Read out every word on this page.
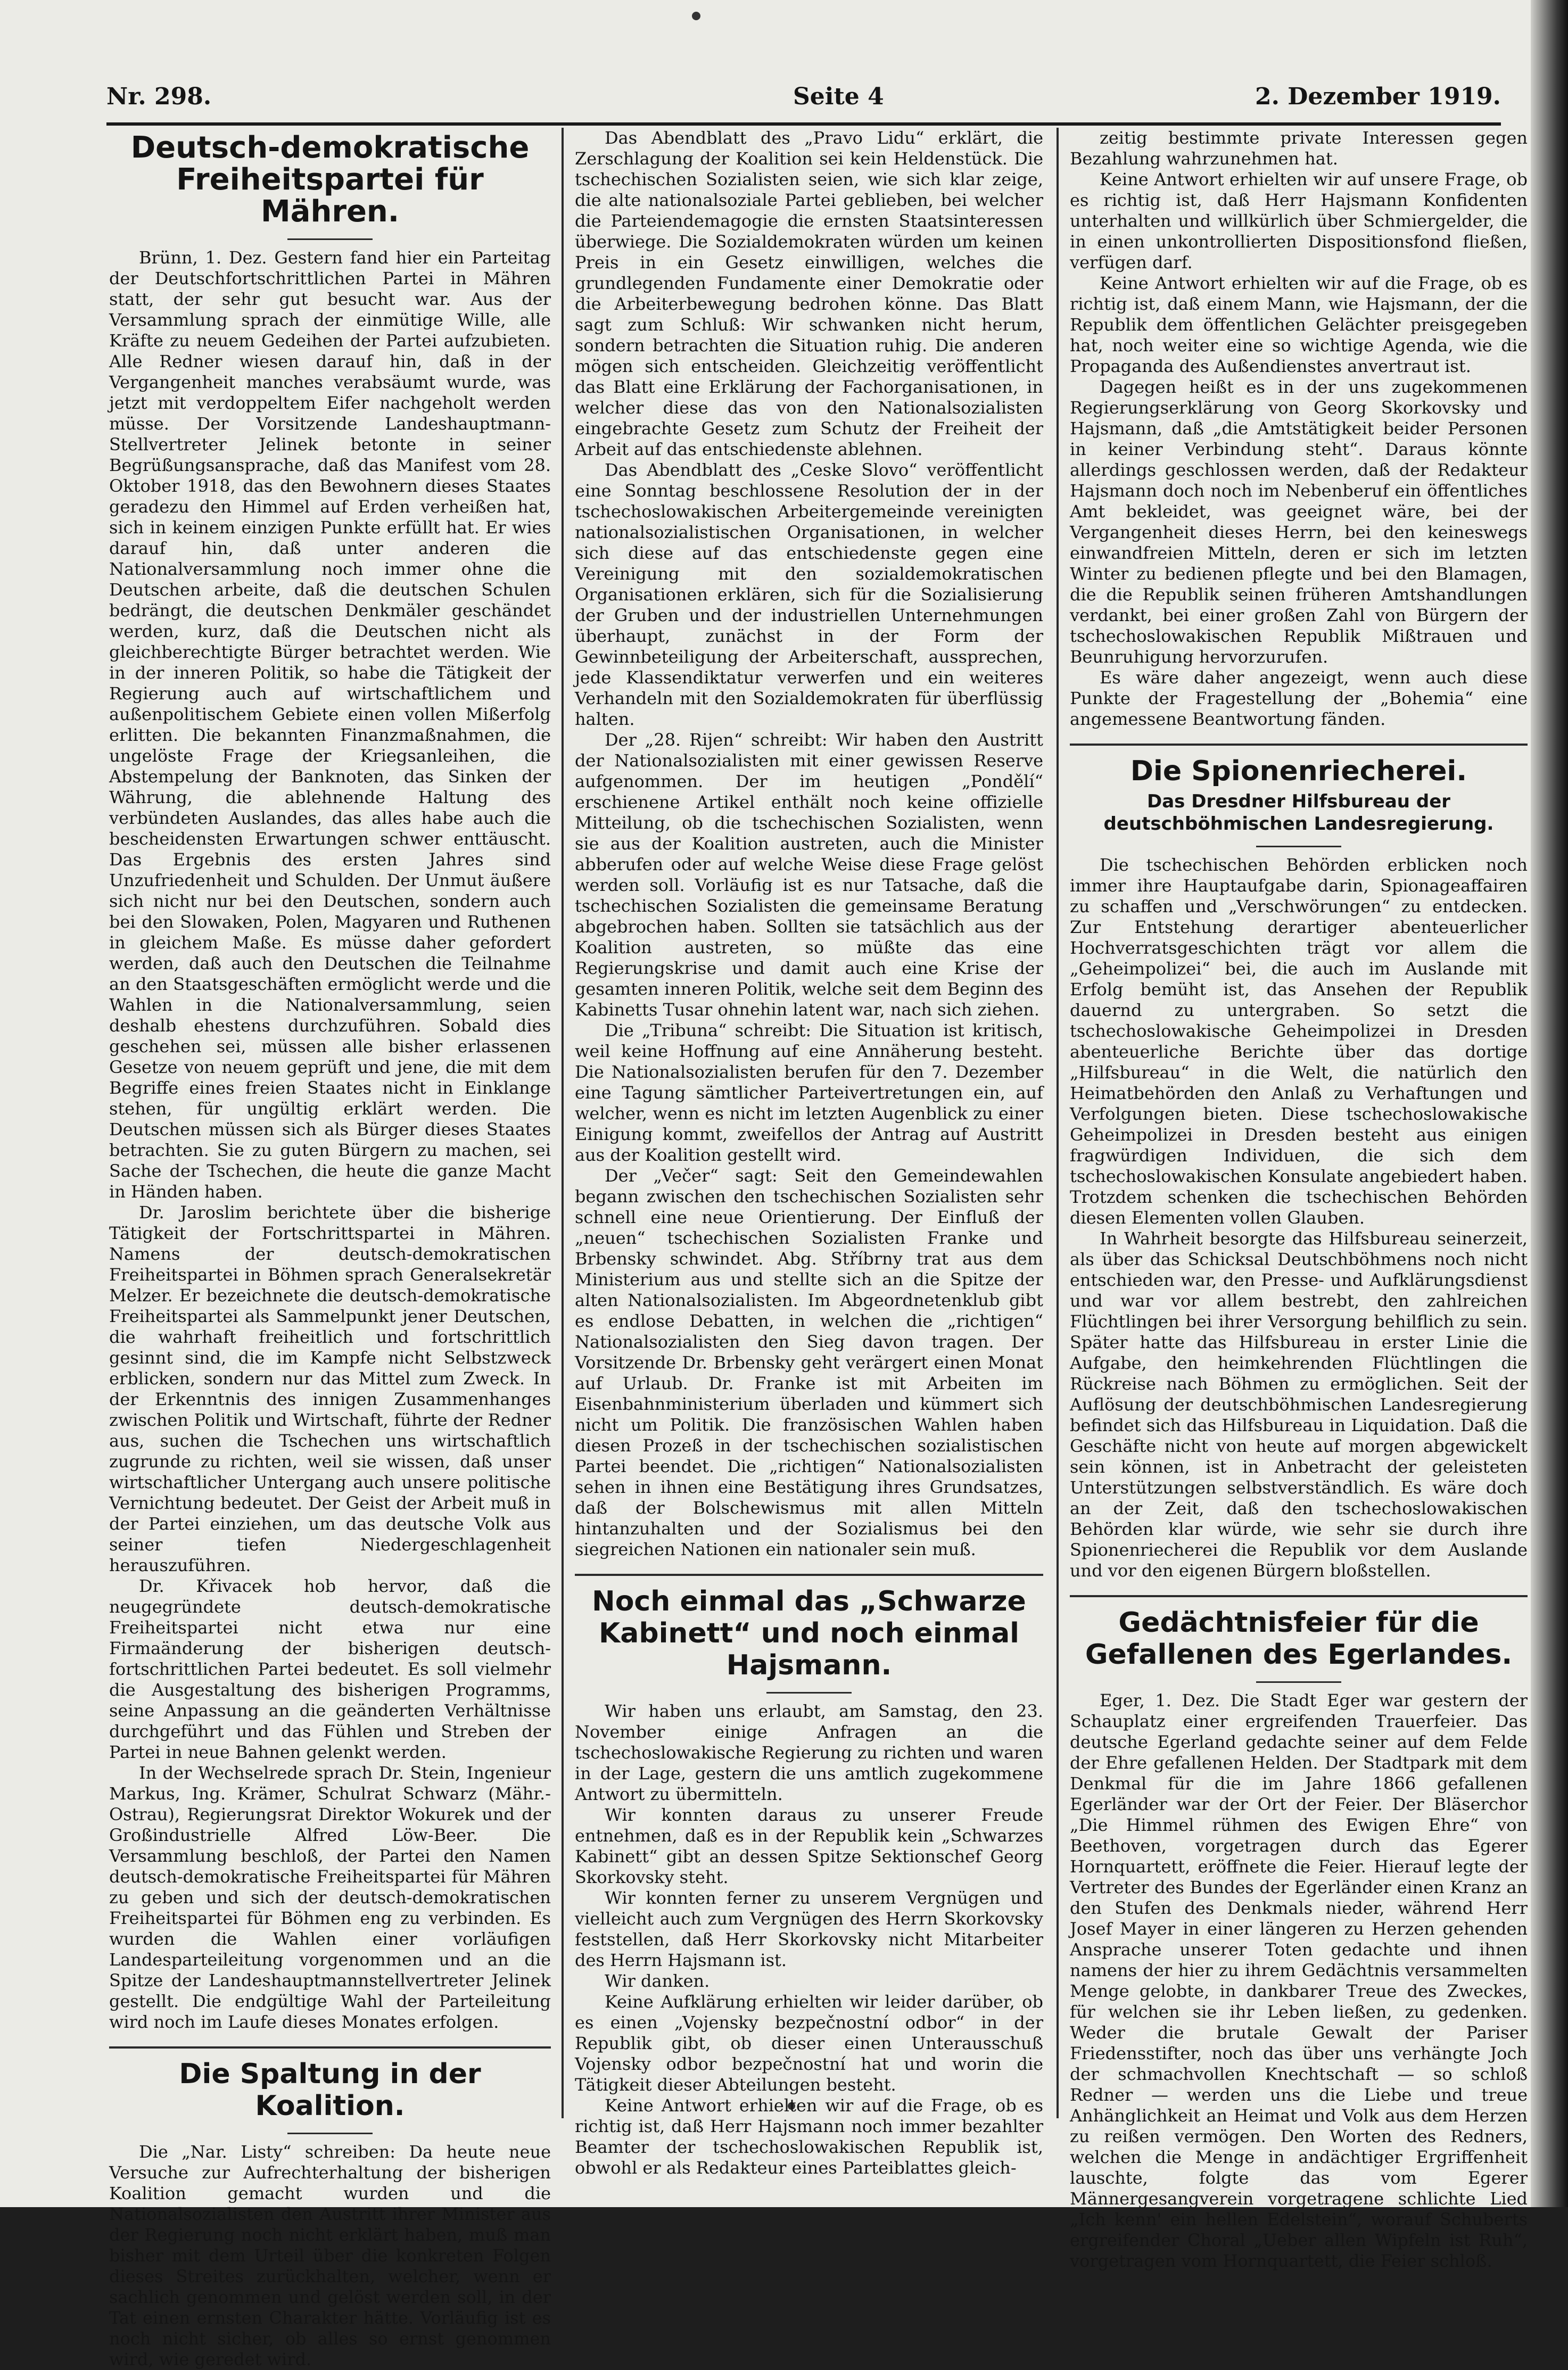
Nr. 298.	Seite 4	2. Dezember 1919.
Deutsch-demokratische Freiheitspartei für Mähren.

Brünn, 1. Dez. Gestern fand hier ein Parteitag der Deutschfortschrittlichen Partei in Mähren statt, der sehr gut besucht war. Aus der Versammlung sprach der einmütige Wille, alle Kräfte zu neuem Gedeihen der Partei aufzubieten. Alle Redner wiesen darauf hin, daß in der Vergangenheit manches verabsäumt wurde, was jetzt mit verdoppeltem Eifer nachgeholt werden müsse. Der Vorsitzende Landeshauptmann-Stellvertreter Jelinek betonte in seiner Begrüßungsansprache, daß das Manifest vom 28. Oktober 1918, das den Bewohnern dieses Staates geradezu den Himmel auf Erden verheißen hat, sich in keinem einzigen Punkte erfüllt hat. Er wies darauf hin, daß unter anderen die Nationalversammlung noch immer ohne die Deutschen arbeite, daß die deutschen Schulen bedrängt, die deutschen Denkmäler geschändet werden, kurz, daß die Deutschen nicht als gleichberechtigte Bürger betrachtet werden. Wie in der inneren Politik, so habe die Tätigkeit der Regierung auch auf wirtschaftlichem und außenpolitischem Gebiete einen vollen Mißerfolg erlitten. Die bekannten Finanzmaßnahmen, die ungelöste Frage der Kriegsanleihen, die Abstempelung der Banknoten, das Sinken der Währung, die ablehnende Haltung des verbündeten Auslandes, das alles habe auch die bescheidensten Erwartungen schwer enttäuscht. Das Ergebnis des ersten Jahres sind Unzufriedenheit und Schulden. Der Unmut äußere sich nicht nur bei den Deutschen, sondern auch bei den Slowaken, Polen, Magyaren und Ruthenen in gleichem Maße. Es müsse daher gefordert werden, daß auch den Deutschen die Teilnahme an den Staatsgeschäften ermöglicht werde und die Wahlen in die Nationalversammlung, seien deshalb ehestens durchzuführen. Sobald dies geschehen sei, müssen alle bisher erlassenen Gesetze von neuem geprüft und jene, die mit dem Begriffe eines freien Staates nicht in Einklange stehen, für ungültig erklärt werden. Die Deutschen müssen sich als Bürger dieses Staates betrachten. Sie zu guten Bürgern zu machen, sei Sache der Tschechen, die heute die ganze Macht in Händen haben.

Dr. Jaroslim berichtete über die bisherige Tätigkeit der Fortschrittspartei in Mähren. Namens der deutsch-demokratischen Freiheitspartei in Böhmen sprach Generalsekretär Melzer. Er bezeichnete die deutsch-demokratische Freiheitspartei als Sammelpunkt jener Deutschen, die wahrhaft freiheitlich und fortschrittlich gesinnt sind, die im Kampfe nicht Selbstzweck erblicken, sondern nur das Mittel zum Zweck. In der Erkenntnis des innigen Zusammenhanges zwischen Politik und Wirtschaft, führte der Redner aus, suchen die Tschechen uns wirtschaftlich zugrunde zu richten, weil sie wissen, daß unser wirtschaftlicher Untergang auch unsere politische Vernichtung bedeutet. Der Geist der Arbeit muß in der Partei einziehen, um das deutsche Volk aus seiner tiefen Niedergeschlagenheit herauszuführen.

Dr. Křivacek hob hervor, daß die neugegründete deutsch-demokratische Freiheitspartei nicht etwa nur eine Firmaänderung der bisherigen deutsch-fortschrittlichen Partei bedeutet. Es soll vielmehr die Ausgestaltung des bisherigen Programms, seine Anpassung an die geänderten Verhältnisse durchgeführt und das Fühlen und Streben der Partei in neue Bahnen gelenkt werden.

In der Wechselrede sprach Dr. Stein, Ingenieur Markus, Ing. Krämer, Schulrat Schwarz (Mähr.-Ostrau), Regierungsrat Direktor Wokurek und der Großindustrielle Alfred Löw-Beer. Die Versammlung beschloß, der Partei den Namen deutsch-demokratische Freiheitspartei für Mähren zu geben und sich der deutsch-demokratischen Freiheitspartei für Böhmen eng zu verbinden. Es wurden die Wahlen einer vorläufigen Landesparteileitung vorgenommen und an die Spitze der Landeshauptmannstellvertreter Jelinek gestellt. Die endgültige Wahl der Parteileitung wird noch im Laufe dieses Monates erfolgen.

Die Spaltung in der Koalition.

Die „Nar. Listy“ schreiben: Da heute neue Versuche zur Aufrechterhaltung der bisherigen Koalition gemacht wurden und die Nationalsozialisten den Austritt ihrer Minister aus der Regierung noch nicht erklärt haben, muß man bisher mit dem Urteil über die konkreten Folgen dieses Streites zurückhalten, welcher, wenn er sachlich genommen und gelöst werden soll, in der Tat einen ernsten Charakter hätte. Vorläufig ist es noch nicht sicher, ob alles so ernst genommen wird, wie geredet wird.

Das Abendblatt des „Pravo Lidu“ erklärt, die Zerschlagung der Koalition sei kein Heldenstück. Die tschechischen Sozialisten seien, wie sich klar zeige, die alte nationalsoziale Partei geblieben, bei welcher die Parteiendemagogie die ernsten Staatsinteressen überwiege. Die Sozialdemokraten würden um keinen Preis in ein Gesetz einwilligen, welches die grundlegenden Fundamente einer Demokratie oder die Arbeiterbewegung bedrohen könne. Das Blatt sagt zum Schluß: Wir schwanken nicht herum, sondern betrachten die Situation ruhig. Die anderen mögen sich entscheiden. Gleichzeitig veröffentlicht das Blatt eine Erklärung der Fachorganisationen, in welcher diese das von den Nationalsozialisten eingebrachte Gesetz zum Schutz der Freiheit der Arbeit auf das entschiedenste ablehnen.

Das Abendblatt des „Ceske Slovo“ veröffentlicht eine Sonntag beschlossene Resolution der in der tschechoslowakischen Arbeitergemeinde vereinigten nationalsozialistischen Organisationen, in welcher sich diese auf das entschiedenste gegen eine Vereinigung mit den sozialdemokratischen Organisationen erklären, sich für die Sozialisierung der Gruben und der industriellen Unternehmungen überhaupt, zunächst in der Form der Gewinnbeteiligung der Arbeiterschaft, aussprechen, jede Klassendiktatur verwerfen und ein weiteres Verhandeln mit den Sozialdemokraten für überflüssig halten.

Der „28. Rijen“ schreibt: Wir haben den Austritt der Nationalsozialisten mit einer gewissen Reserve aufgenommen. Der im heutigen „Pondělí“ erschienene Artikel enthält noch keine offizielle Mitteilung, ob die tschechischen Sozialisten, wenn sie aus der Koalition austreten, auch die Minister abberufen oder auf welche Weise diese Frage gelöst werden soll. Vorläufig ist es nur Tatsache, daß die tschechischen Sozialisten die gemeinsame Beratung abgebrochen haben. Sollten sie tatsächlich aus der Koalition austreten, so müßte das eine Regierungskrise und damit auch eine Krise der gesamten inneren Politik, welche seit dem Beginn des Kabinetts Tusar ohnehin latent war, nach sich ziehen.

Die „Tribuna“ schreibt: Die Situation ist kritisch, weil keine Hoffnung auf eine Annäherung besteht. Die Nationalsozialisten berufen für den 7. Dezember eine Tagung sämtlicher Parteivertretungen ein, auf welcher, wenn es nicht im letzten Augenblick zu einer Einigung kommt, zweifellos der Antrag auf Austritt aus der Koalition gestellt wird.

Der „Večer“ sagt: Seit den Gemeindewahlen begann zwischen den tschechischen Sozialisten sehr schnell eine neue Orientierung. Der Einfluß der „neuen“ tschechischen Sozialisten Franke und Brbensky schwindet. Abg. Stříbrny trat aus dem Ministerium aus und stellte sich an die Spitze der alten Nationalsozialisten. Im Abgeordnetenklub gibt es endlose Debatten, in welchen die „richtigen“ Nationalsozialisten den Sieg davon tragen. Der Vorsitzende Dr. Brbensky geht verärgert einen Monat auf Urlaub. Dr. Franke ist mit Arbeiten im Eisenbahnministerium überladen und kümmert sich nicht um Politik. Die französischen Wahlen haben diesen Prozeß in der tschechischen sozialistischen Partei beendet. Die „richtigen“ Nationalsozialisten sehen in ihnen eine Bestätigung ihres Grundsatzes, daß der Bolschewismus mit allen Mitteln hintanzuhalten und der Sozialismus bei den siegreichen Nationen ein nationaler sein muß.

Noch einmal das „Schwarze Kabinett“ und noch einmal Hajsmann.

Wir haben uns erlaubt, am Samstag, den 23. November einige Anfragen an die tschechoslowakische Regierung zu richten und waren in der Lage, gestern die uns amtlich zugekommene Antwort zu übermitteln.

Wir konnten daraus zu unserer Freude entnehmen, daß es in der Republik kein „Schwarzes Kabinett“ gibt an dessen Spitze Sektionschef Georg Skorkovsky steht.

Wir konnten ferner zu unserem Vergnügen und vielleicht auch zum Vergnügen des Herrn Skorkovsky feststellen, daß Herr Skorkovsky nicht Mitarbeiter des Herrn Hajsmann ist.

Wir danken.

Keine Aufklärung erhielten wir leider darüber, ob es einen „Vojensky bezpečnostní odbor“ in der Republik gibt, ob dieser einen Unterausschuß Vojensky odbor bezpečnostní hat und worin die Tätigkeit dieser Abteilungen besteht.

Keine Antwort erhielten wir auf die Frage, ob es richtig ist, daß Herr Hajsmann noch immer bezahlter Beamter der tschechoslowakischen Republik ist, obwohl er als Redakteur eines Parteiblattes gleich-

zeitig bestimmte private Interessen gegen Bezahlung wahrzunehmen hat.

Keine Antwort erhielten wir auf unsere Frage, ob es richtig ist, daß Herr Hajsmann Konfidenten unterhalten und willkürlich über Schmiergelder, die in einen unkontrollierten Dispositionsfond fließen, verfügen darf.

Keine Antwort erhielten wir auf die Frage, ob es richtig ist, daß einem Mann, wie Hajsmann, der die Republik dem öffentlichen Gelächter preisgegeben hat, noch weiter eine so wichtige Agenda, wie die Propaganda des Außendienstes anvertraut ist.

Dagegen heißt es in der uns zugekommenen Regierungserklärung von Georg Skorkovsky und Hajsmann, daß „die Amtstätigkeit beider Personen in keiner Verbindung steht“. Daraus könnte allerdings geschlossen werden, daß der Redakteur Hajsmann doch noch im Nebenberuf ein öffentliches Amt bekleidet, was geeignet wäre, bei der Vergangenheit dieses Herrn, bei den keineswegs einwandfreien Mitteln, deren er sich im letzten Winter zu bedienen pflegte und bei den Blamagen, die die Republik seinen früheren Amtshandlungen verdankt, bei einer großen Zahl von Bürgern der tschechoslowakischen Republik Mißtrauen und Beunruhigung hervorzurufen.

Es wäre daher angezeigt, wenn auch diese Punkte der Fragestellung der „Bohemia“ eine angemessene Beantwortung fänden.

Die Spionenriecherei.
Das Dresdner Hilfsbureau der deutschböhmischen Landesregierung.

Die tschechischen Behörden erblicken noch immer ihre Hauptaufgabe darin, Spionageaffairen zu schaffen und „Verschwörungen“ zu entdecken. Zur Entstehung derartiger abenteuerlicher Hochverratsgeschichten trägt vor allem die „Geheimpolizei“ bei, die auch im Auslande mit Erfolg bemüht ist, das Ansehen der Republik dauernd zu untergraben. So setzt die tschechoslowakische Geheimpolizei in Dresden abenteuerliche Berichte über das dortige „Hilfsbureau“ in die Welt, die natürlich den Heimatbehörden den Anlaß zu Verhaftungen und Verfolgungen bieten. Diese tschechoslowakische Geheimpolizei in Dresden besteht aus einigen fragwürdigen Individuen, die sich dem tschechoslowakischen Konsulate angebiedert haben. Trotzdem schenken die tschechischen Behörden diesen Elementen vollen Glauben.

In Wahrheit besorgte das Hilfsbureau seinerzeit, als über das Schicksal Deutschböhmens noch nicht entschieden war, den Presse- und Aufklärungsdienst und war vor allem bestrebt, den zahlreichen Flüchtlingen bei ihrer Versorgung behilflich zu sein. Später hatte das Hilfsbureau in erster Linie die Aufgabe, den heimkehrenden Flüchtlingen die Rückreise nach Böhmen zu ermöglichen. Seit der Auflösung der deutschböhmischen Landesregierung befindet sich das Hilfsbureau in Liquidation. Daß die Geschäfte nicht von heute auf morgen abgewickelt sein können, ist in Anbetracht der geleisteten Unterstützungen selbstverständlich. Es wäre doch an der Zeit, daß den tschechoslowakischen Behörden klar würde, wie sehr sie durch ihre Spionenriecherei die Republik vor dem Auslande und vor den eigenen Bürgern bloßstellen.

Gedächtnisfeier für die Gefallenen des Egerlandes.

Eger, 1. Dez. Die Stadt Eger war gestern der Schauplatz einer ergreifenden Trauerfeier. Das deutsche Egerland gedachte seiner auf dem Felde der Ehre gefallenen Helden. Der Stadtpark mit dem Denkmal für die im Jahre 1866 gefallenen Egerländer war der Ort der Feier. Der Bläserchor „Die Himmel rühmen des Ewigen Ehre“ von Beethoven, vorgetragen durch das Egerer Hornquartett, eröffnete die Feier. Hierauf legte der Vertreter des Bundes der Egerländer einen Kranz an den Stufen des Denkmals nieder, während Herr Josef Mayer in einer längeren zu Herzen gehenden Ansprache unserer Toten gedachte und ihnen namens der hier zu ihrem Gedächtnis versammelten Menge gelobte, in dankbarer Treue des Zweckes, für welchen sie ihr Leben ließen, zu gedenken. Weder die brutale Gewalt der Pariser Friedensstifter, noch das über uns verhängte Joch der schmachvollen Knechtschaft — so schloß Redner — werden uns die Liebe und treue Anhänglichkeit an Heimat und Volk aus dem Herzen zu reißen vermögen. Den Worten des Redners, welchen die Menge in andächtiger Ergriffenheit lauschte, folgte das vom Egerer Männergesangverein vorgetragene schlichte Lied „Ich kenn' ein hellen Edelstein“, worauf Schuberts ergreifender Choral „Ueber allen Wipfeln ist Ruh“, vorgetragen vom Hornquartett, die Feier schloß.
